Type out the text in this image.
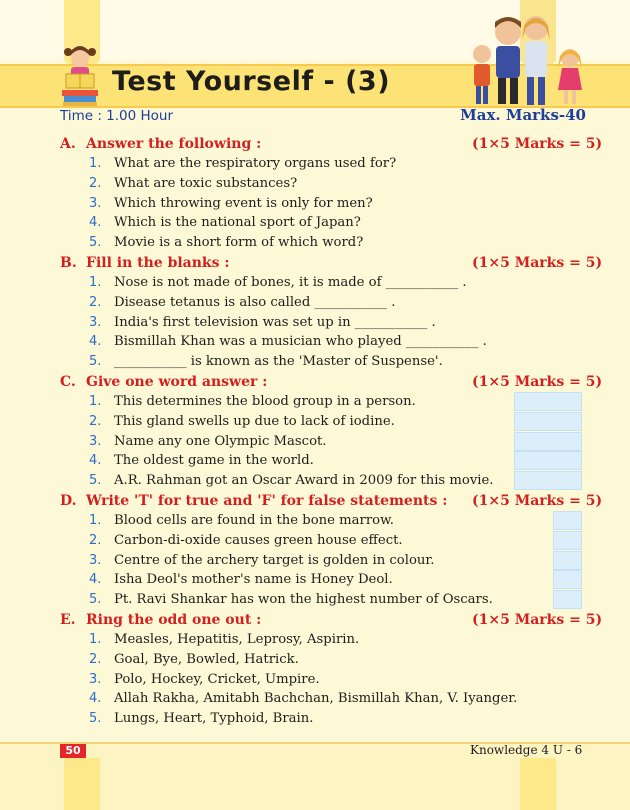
Test Yourself - (3)
Time : 1.00 Hour	Max. Marks-40
A. Answer the following :	(1×5 Marks = 5)
1. What are the respiratory organs used for?
2. What are toxic substances?
3. Which throwing event is only for men?
4. Which is the national sport of Japan?
5. Movie is a short form of which word?
B. Fill in the blanks :	(1×5 Marks = 5)
1. Nose is not made of bones, it is made of ___________ .
2. Disease tetanus is also called ___________ .
3. India's first television was set up in ___________ .
4. Bismillah Khan was a musician who played ___________ .
5. ___________ is known as the 'Master of Suspense'.
C. Give one word answer :	(1×5 Marks = 5)
1. This determines the blood group in a person.
2. This gland swells up due to lack of iodine.
3. Name any one Olympic Mascot.
4. The oldest game in the world.
5. A.R. Rahman got an Oscar Award in 2009 for this movie.
D. Write 'T' for true and 'F' for false statements : (1×5 Marks = 5)
1. Blood cells are found in the bone marrow.
2. Carbon-di-oxide causes green house effect.
3. Centre of the archery target is golden in colour.
4. Isha Deol's mother's name is Honey Deol.
5. Pt. Ravi Shankar has won the highest number of Oscars.
E. Ring the odd one out :	(1×5 Marks = 5)
1. Measles, Hepatitis, Leprosy, Aspirin.
2. Goal, Bye, Bowled, Hatrick.
3. Polo, Hockey, Cricket, Umpire.
4. Allah Rakha, Amitabh Bachchan, Bismillah Khan, V. Iyanger.
5. Lungs, Heart, Typhoid, Brain.
50	Knowledge 4 U - 6
